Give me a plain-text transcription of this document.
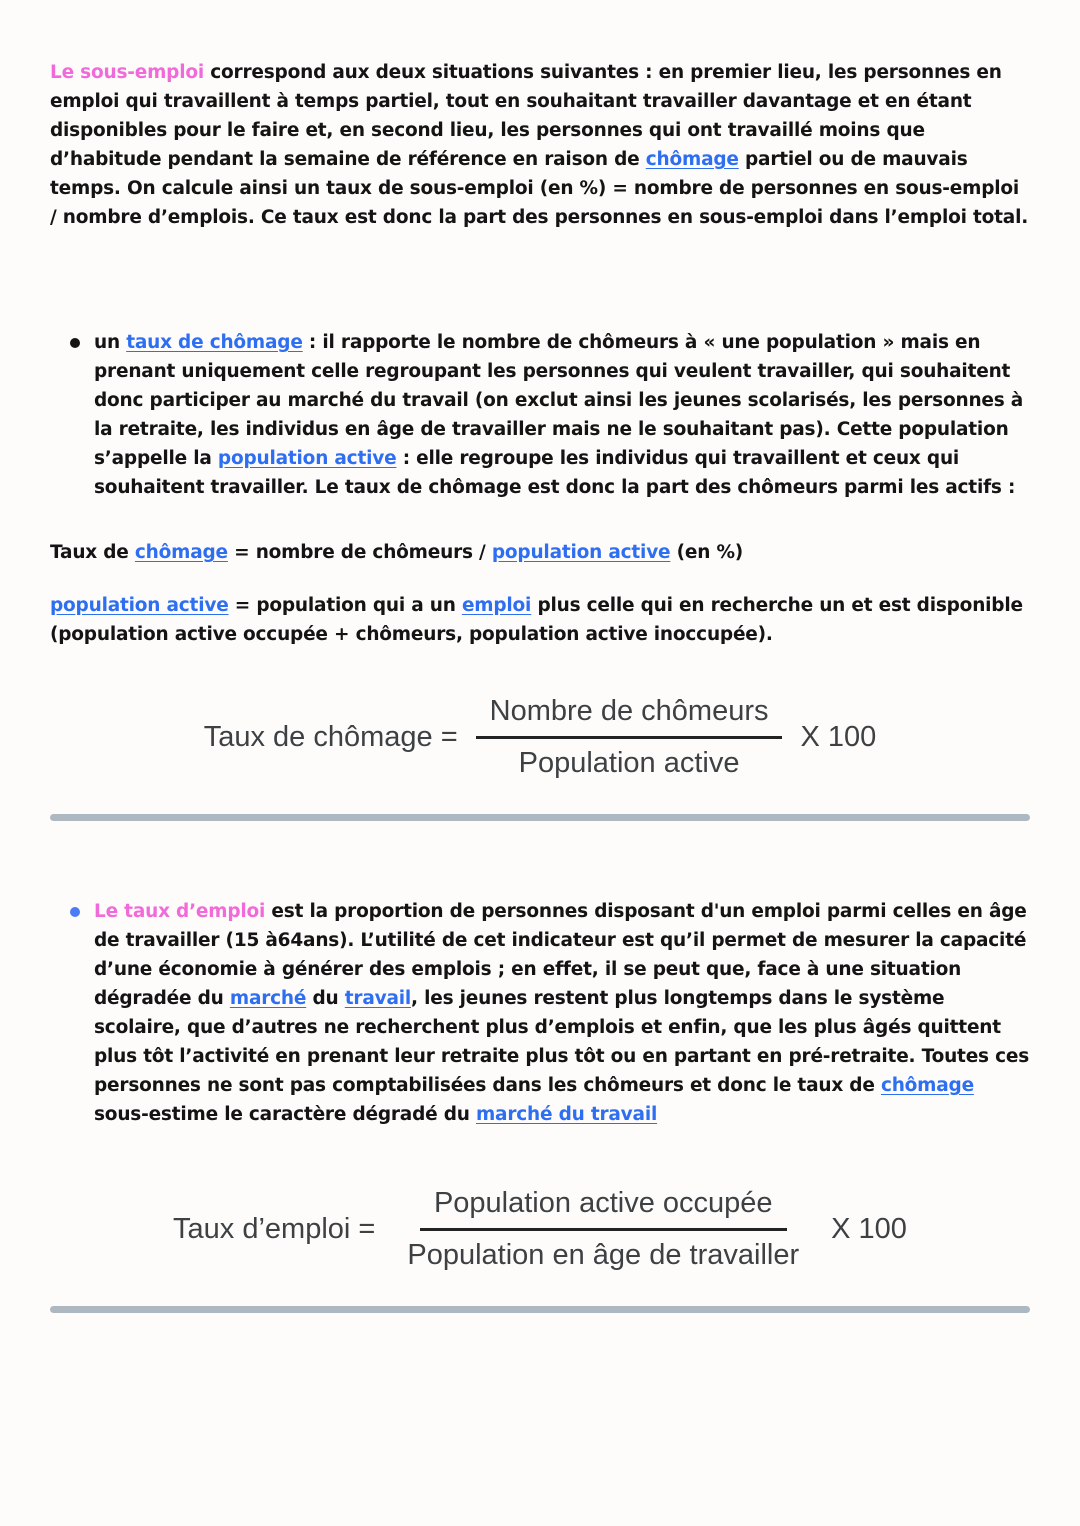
Le sous-emploi correspond aux deux situations suivantes : en premier lieu, les personnes en emploi qui travaillent à temps partiel, tout en souhaitant travailler davantage et en étant disponibles pour le faire et, en second lieu, les personnes qui ont travaillé moins que d’habitude pendant la semaine de référence en raison de chômage partiel ou de mauvais temps. On calcule ainsi un taux de sous-emploi (en %) = nombre de personnes en sous-emploi / nombre d’emplois. Ce taux est donc la part des personnes en sous-emploi dans l’emploi total.

un taux de chômage : il rapporte le nombre de chômeurs à « une population » mais en prenant uniquement celle regroupant les personnes qui veulent travailler, qui souhaitent donc participer au marché du travail (on exclut ainsi les jeunes scolarisés, les personnes à la retraite, les individus en âge de travailler mais ne le souhaitant pas). Cette population s’appelle la population active : elle regroupe les individus qui travaillent et ceux qui souhaitent travailler. Le taux de chômage est donc la part des chômeurs parmi les actifs :

Taux de chômage = nombre de chômeurs / population active (en %)

population active = population qui a un emploi plus celle qui en recherche un et est disponible (population active occupée + chômeurs, population active inoccupée).

Taux de chômage = $\frac{\text{Nombre de chômeurs}}{\text{Population active}}$ X 100
Le taux d’emploi est la proportion de personnes disposant d'un emploi parmi celles en âge de travailler (15 à64ans). L’utilité de cet indicateur est qu’il permet de mesurer la capacité d’une économie à générer des emplois ; en effet, il se peut que, face à une situation dégradée du marché du travail, les jeunes restent plus longtemps dans le système scolaire, que d’autres ne recherchent plus d’emplois et enfin, que les plus âgés quittent plus tôt l’activité en prenant leur retraite plus tôt ou en partant en pré-retraite. Toutes ces personnes ne sont pas comptabilisées dans les chômeurs et donc le taux de chômage sous-estime le caractère dégradé du marché du travail
Taux d’emploi = $\frac{\text{Population active occupée}}{\text{Population en âge de travailler}}$ X 100
